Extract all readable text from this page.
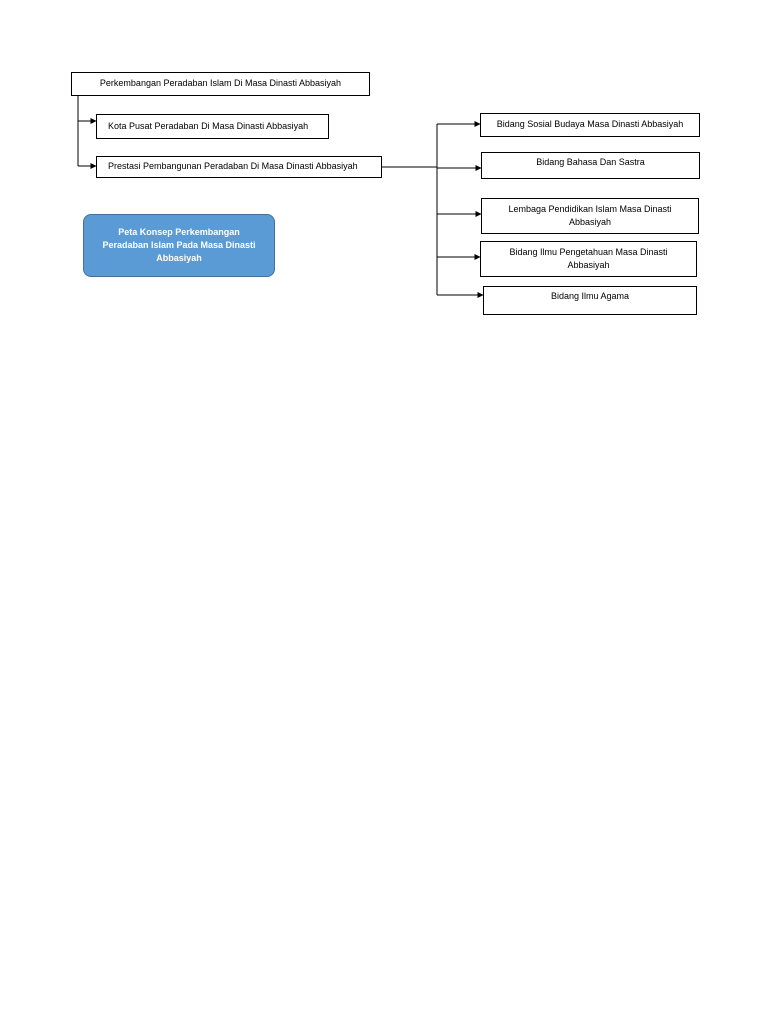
Perkembangan Peradaban Islam Di Masa Dinasti Abbasiyah
Kota Pusat Peradaban Di Masa Dinasti Abbasiyah
Prestasi Pembangunan Peradaban Di Masa Dinasti Abbasiyah
Peta Konsep Perkembangan Peradaban Islam Pada Masa Dinasti Abbasiyah
Bidang Sosial Budaya Masa Dinasti Abbasiyah
Bidang Bahasa Dan Sastra
Lembaga Pendidikan Islam Masa Dinasti Abbasiyah
Bidang Ilmu Pengetahuan Masa Dinasti Abbasiyah
Bidang Ilmu Agama
